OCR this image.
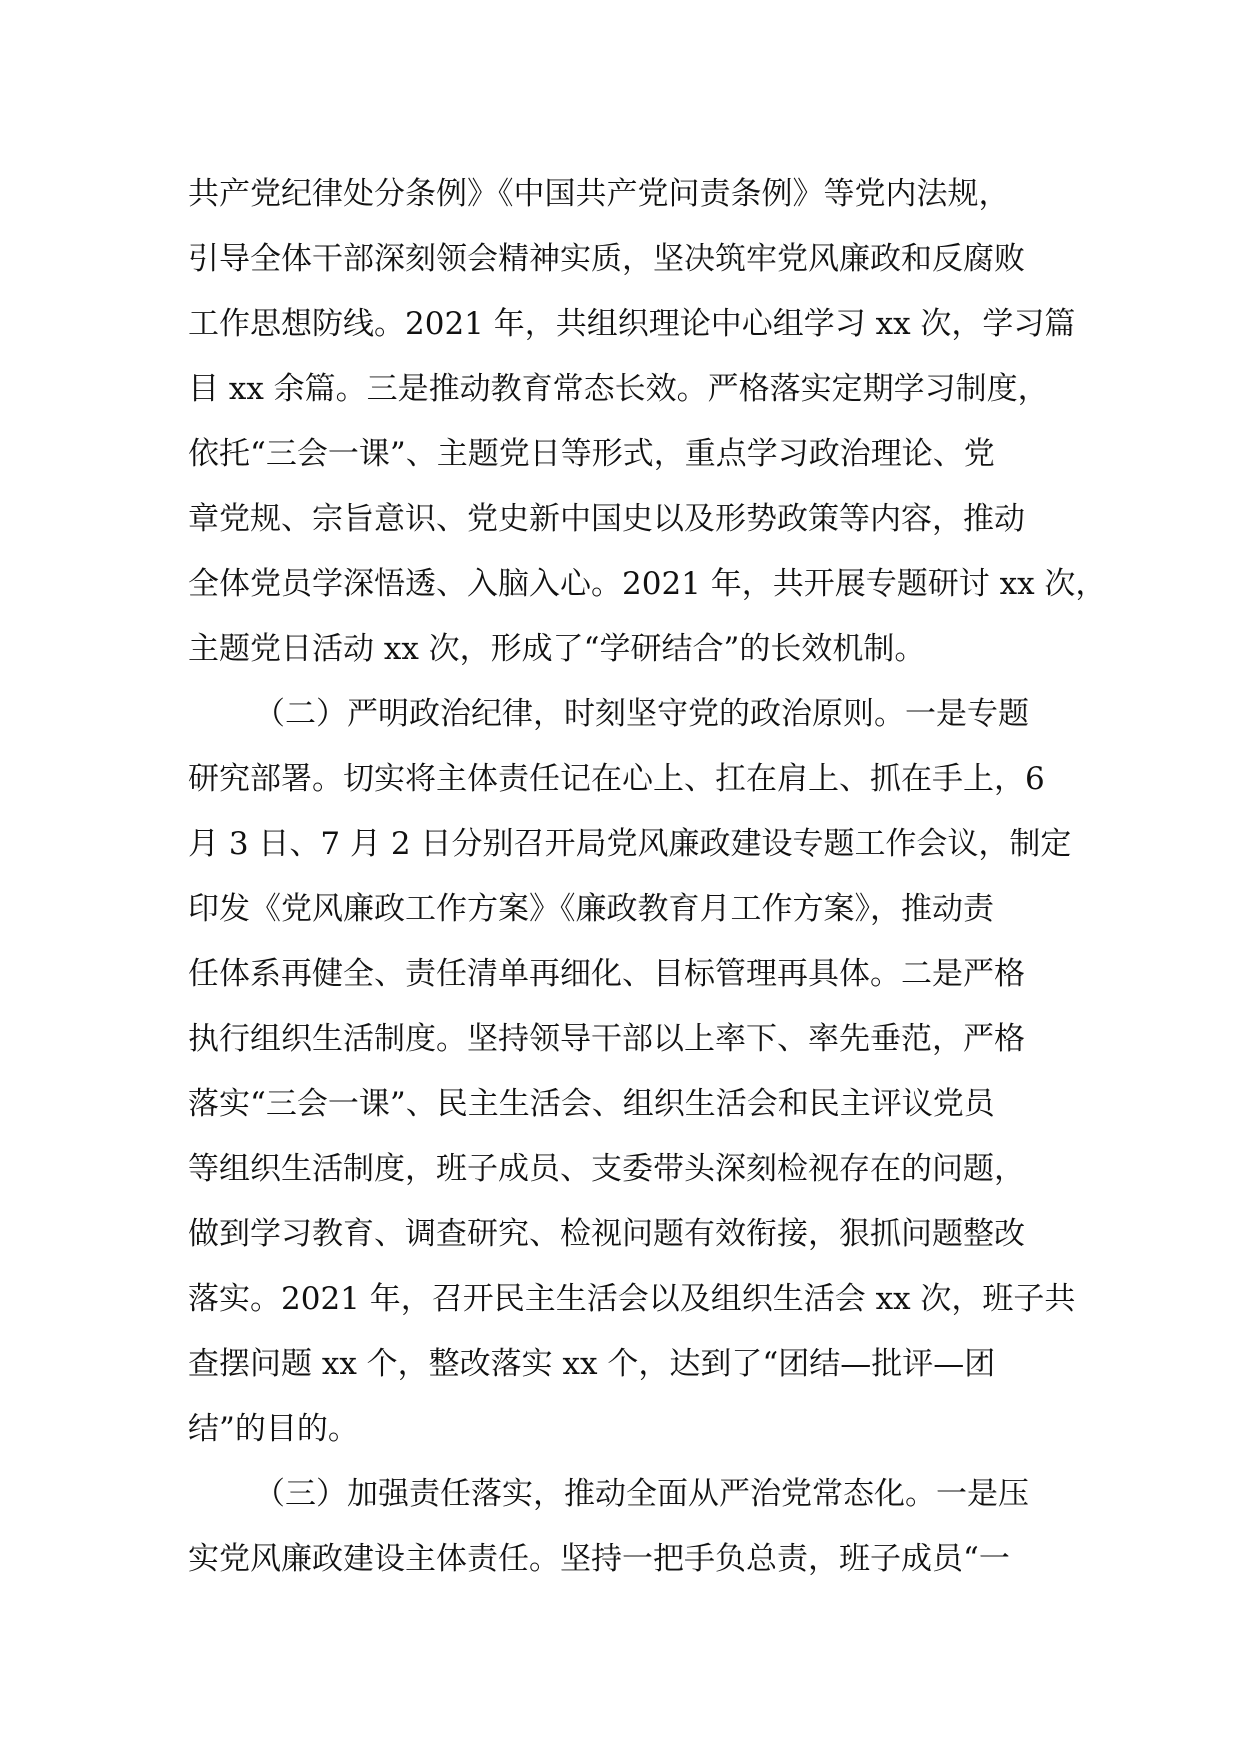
共产党纪律处分条例》《中国共产党问责条例》等党内法规，
引导全体干部深刻领会精神实质，坚决筑牢党风廉政和反腐败
工作思想防线。2021 年，共组织理论中心组学习 xx 次，学习篇
目 xx 余篇。三是推动教育常态长效。严格落实定期学习制度，
依托“三会一课”、主题党日等形式，重点学习政治理论、党
章党规、宗旨意识、党史新中国史以及形势政策等内容，推动
全体党员学深悟透、入脑入心。2021 年，共开展专题研讨 xx 次，
主题党日活动 xx 次，形成了“学研结合”的长效机制。
（二）严明政治纪律，时刻坚守党的政治原则。一是专题
研究部署。切实将主体责任记在心上、扛在肩上、抓在手上，6
月 3 日、7 月 2 日分别召开局党风廉政建设专题工作会议，制定
印发《党风廉政工作方案》《廉政教育月工作方案》，推动责
任体系再健全、责任清单再细化、目标管理再具体。二是严格
执行组织生活制度。坚持领导干部以上率下、率先垂范，严格
落实“三会一课”、民主生活会、组织生活会和民主评议党员
等组织生活制度，班子成员、支委带头深刻检视存在的问题，
做到学习教育、调查研究、检视问题有效衔接，狠抓问题整改
落实。2021 年，召开民主生活会以及组织生活会 xx 次，班子共
查摆问题 xx 个，整改落实 xx 个，达到了“团结—批评—团
结”的目的。
（三）加强责任落实，推动全面从严治党常态化。一是压
实党风廉政建设主体责任。坚持一把手负总责，班子成员“一
